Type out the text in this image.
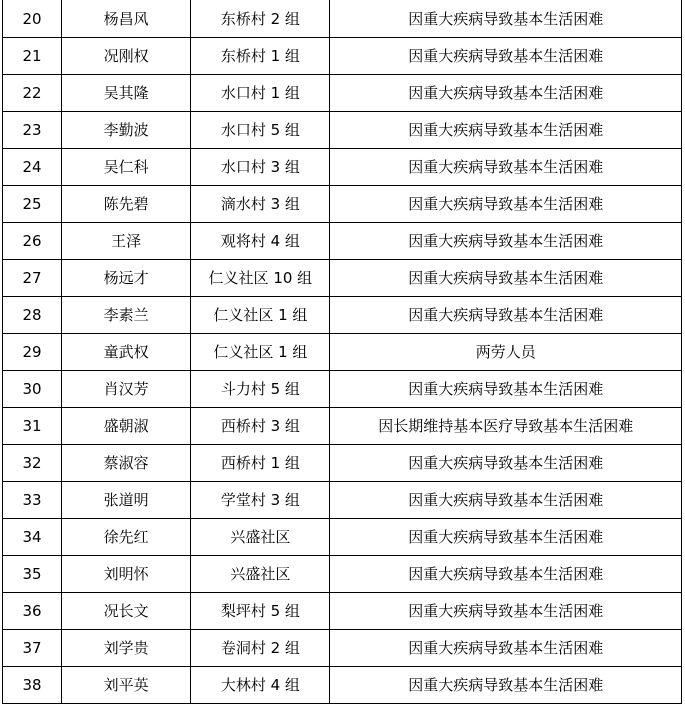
20	杨昌风	东桥村 2 组	因重大疾病导致基本生活困难
21	况刚权	东桥村 1 组	因重大疾病导致基本生活困难
22	吴其隆	水口村 1 组	因重大疾病导致基本生活困难
23	李勤波	水口村 5 组	因重大疾病导致基本生活困难
24	吴仁科	水口村 3 组	因重大疾病导致基本生活困难
25	陈先碧	滴水村 3 组	因重大疾病导致基本生活困难
26	王泽	观将村 4 组	因重大疾病导致基本生活困难
27	杨远才	仁义社区 10 组	因重大疾病导致基本生活困难
28	李素兰	仁义社区 1 组	因重大疾病导致基本生活困难
29	童武权	仁义社区 1 组	两劳人员
30	肖汉芳	斗力村 5 组	因重大疾病导致基本生活困难
31	盛朝淑	西桥村 3 组	因长期维持基本医疗导致基本生活困难
32	蔡淑容	西桥村 1 组	因重大疾病导致基本生活困难
33	张道明	学堂村 3 组	因重大疾病导致基本生活困难
34	徐先红	兴盛社区	因重大疾病导致基本生活困难
35	刘明怀	兴盛社区	因重大疾病导致基本生活困难
36	况长文	梨坪村 5 组	因重大疾病导致基本生活困难
37	刘学贵	卷洞村 2 组	因重大疾病导致基本生活困难
38	刘平英	大林村 4 组	因重大疾病导致基本生活困难
